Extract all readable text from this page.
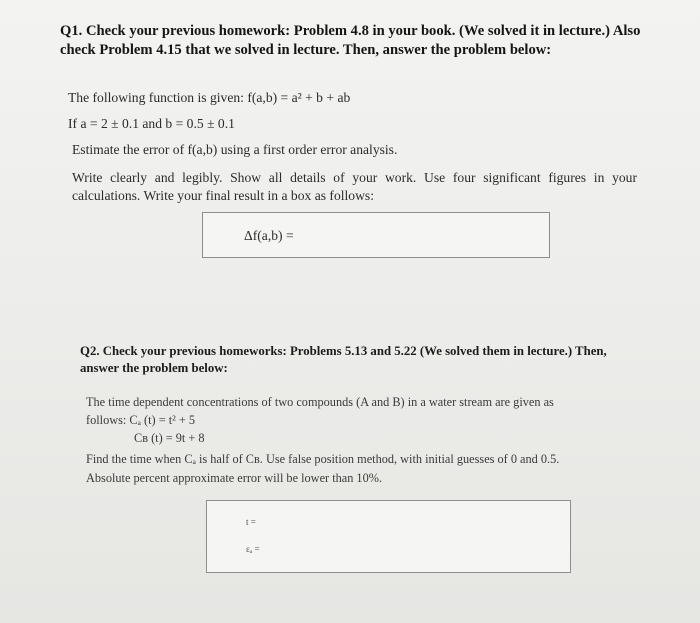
Q1. Check your previous homework: Problem 4.8 in your book. (We solved it in lecture.) Also check Problem 4.15 that we solved in lecture. Then, answer the problem below:
The following function is given: f(a,b) = a² + b + ab
If a = 2 ± 0.1 and b = 0.5 ± 0.1
Estimate the error of f(a,b) using a first order error analysis.
Write clearly and legibly. Show all details of your work. Use four significant figures in your calculations. Write your final result in a box as follows:
Δf(a,b) =
Q2. Check your previous homeworks: Problems 5.13 and 5.22 (We solved them in lecture.) Then, answer the problem below:
The time dependent concentrations of two compounds (A and B) in a water stream are given as
follows: Cₐ (t) = t² + 5
Cʙ (t) = 9t + 8
Find the time when Cₐ is half of Cʙ. Use false position method, with initial guesses of 0 and 0.5.
Absolute percent approximate error will be lower than 10%.
t =
εₐ =
